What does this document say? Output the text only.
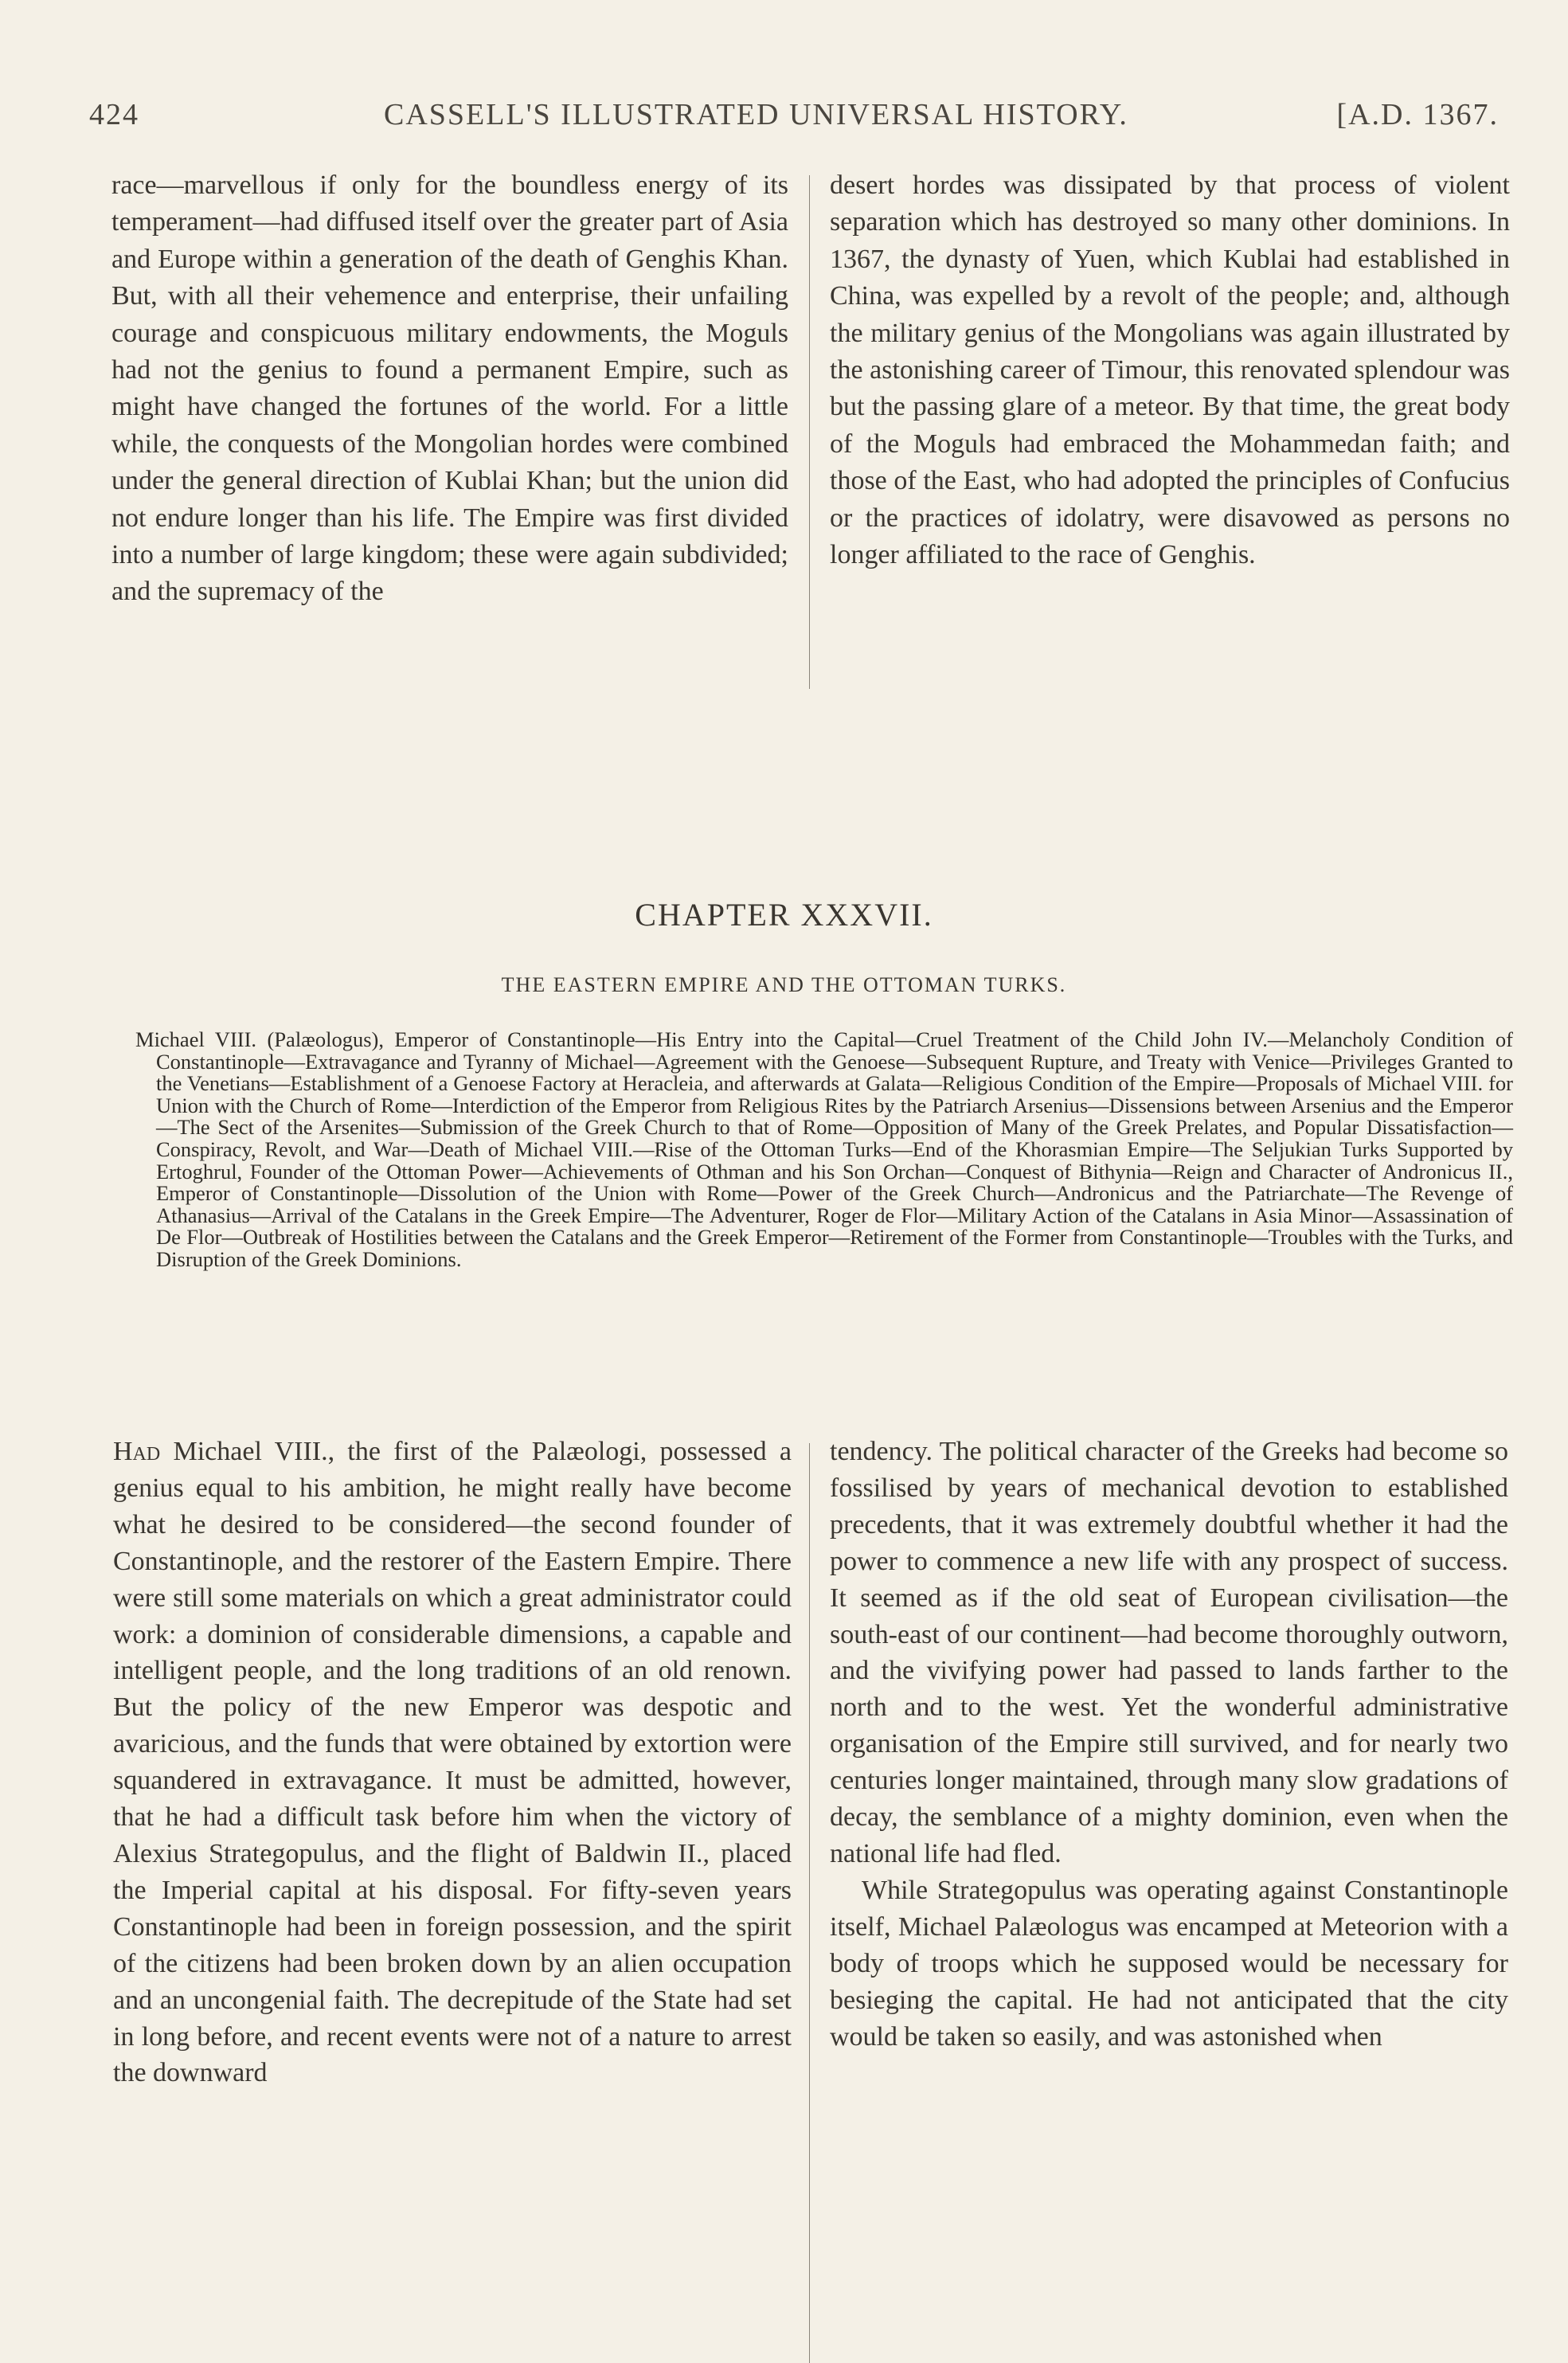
424	CASSELL'S ILLUSTRATED UNIVERSAL HISTORY.	[A.D. 1367.

race—marvellous if only for the boundless energy of its temperament—had diffused itself over the greater part of Asia and Europe within a generation of the death of Genghis Khan. But, with all their vehemence and enterprise, their unfailing courage and conspicuous military endowments, the Moguls had not the genius to found a permanent Empire, such as might have changed the fortunes of the world. For a little while, the conquests of the Mongolian hordes were combined under the general direction of Kublai Khan; but the union did not endure longer than his life. The Empire was first divided into a number of large kingdom; these were again subdivided; and the supremacy of the

desert hordes was dissipated by that process of violent separation which has destroyed so many other dominions. In 1367, the dynasty of Yuen, which Kublai had established in China, was expelled by a revolt of the people; and, although the military genius of the Mongolians was again illustrated by the astonishing career of Timour, this renovated splendour was but the passing glare of a meteor. By that time, the great body of the Moguls had embraced the Mohammedan faith; and those of the East, who had adopted the principles of Confucius or the practices of idolatry, were disavowed as persons no longer affiliated to the race of Genghis.

CHAPTER XXXVII.
THE EASTERN EMPIRE AND THE OTTOMAN TURKS.
Michael VIII. (Palæologus), Emperor of Constantinople—His Entry into the Capital—Cruel Treatment of the Child John IV.—Melancholy Condition of Constantinople—Extravagance and Tyranny of Michael—Agreement with the Genoese—Subsequent Rupture, and Treaty with Venice—Privileges Granted to the Venetians—Establishment of a Genoese Factory at Heracleia, and afterwards at Galata—Religious Condition of the Empire—Proposals of Michael VIII. for Union with the Church of Rome—Interdiction of the Emperor from Religious Rites by the Patriarch Arsenius—Dissensions between Arsenius and the Emperor—The Sect of the Arsenites—Submission of the Greek Church to that of Rome—Opposition of Many of the Greek Prelates, and Popular Dissatisfaction—Conspiracy, Revolt, and War—Death of Michael VIII.—Rise of the Ottoman Turks—End of the Khorasmian Empire—The Seljukian Turks Supported by Ertoghrul, Founder of the Ottoman Power—Achievements of Othman and his Son Orchan—Conquest of Bithynia—Reign and Character of Andronicus II., Emperor of Constantinople—Dissolution of the Union with Rome—Power of the Greek Church—Andronicus and the Patriarchate—The Revenge of Athanasius—Arrival of the Catalans in the Greek Empire—The Adventurer, Roger de Flor—Military Action of the Catalans in Asia Minor—Assassination of De Flor—Outbreak of Hostilities between the Catalans and the Greek Emperor—Retirement of the Former from Constantinople—Troubles with the Turks, and Disruption of the Greek Dominions.

Had Michael VIII., the first of the Palæologi, possessed a genius equal to his ambition, he might really have become what he desired to be considered—the second founder of Constantinople, and the restorer of the Eastern Empire. There were still some materials on which a great administrator could work: a dominion of considerable dimensions, a capable and intelligent people, and the long traditions of an old renown. But the policy of the new Emperor was despotic and avaricious, and the funds that were obtained by extortion were squandered in extravagance. It must be admitted, however, that he had a difficult task before him when the victory of Alexius Strategopulus, and the flight of Baldwin II., placed the Imperial capital at his disposal. For fifty-seven years Constantinople had been in foreign possession, and the spirit of the citizens had been broken down by an alien occupation and an uncongenial faith. The decrepitude of the State had set in long before, and recent events were not of a nature to arrest the downward

tendency. The political character of the Greeks had become so fossilised by years of mechanical devotion to established precedents, that it was extremely doubtful whether it had the power to commence a new life with any prospect of success. It seemed as if the old seat of European civilisation—the south-east of our continent—had become thoroughly outworn, and the vivifying power had passed to lands farther to the north and to the west. Yet the wonderful administrative organisation of the Empire still survived, and for nearly two centuries longer maintained, through many slow gradations of decay, the semblance of a mighty dominion, even when the national life had fled.

While Strategopulus was operating against Constantinople itself, Michael Palæologus was encamped at Meteorion with a body of troops which he supposed would be necessary for besieging the capital. He had not anticipated that the city would be taken so easily, and was astonished when
